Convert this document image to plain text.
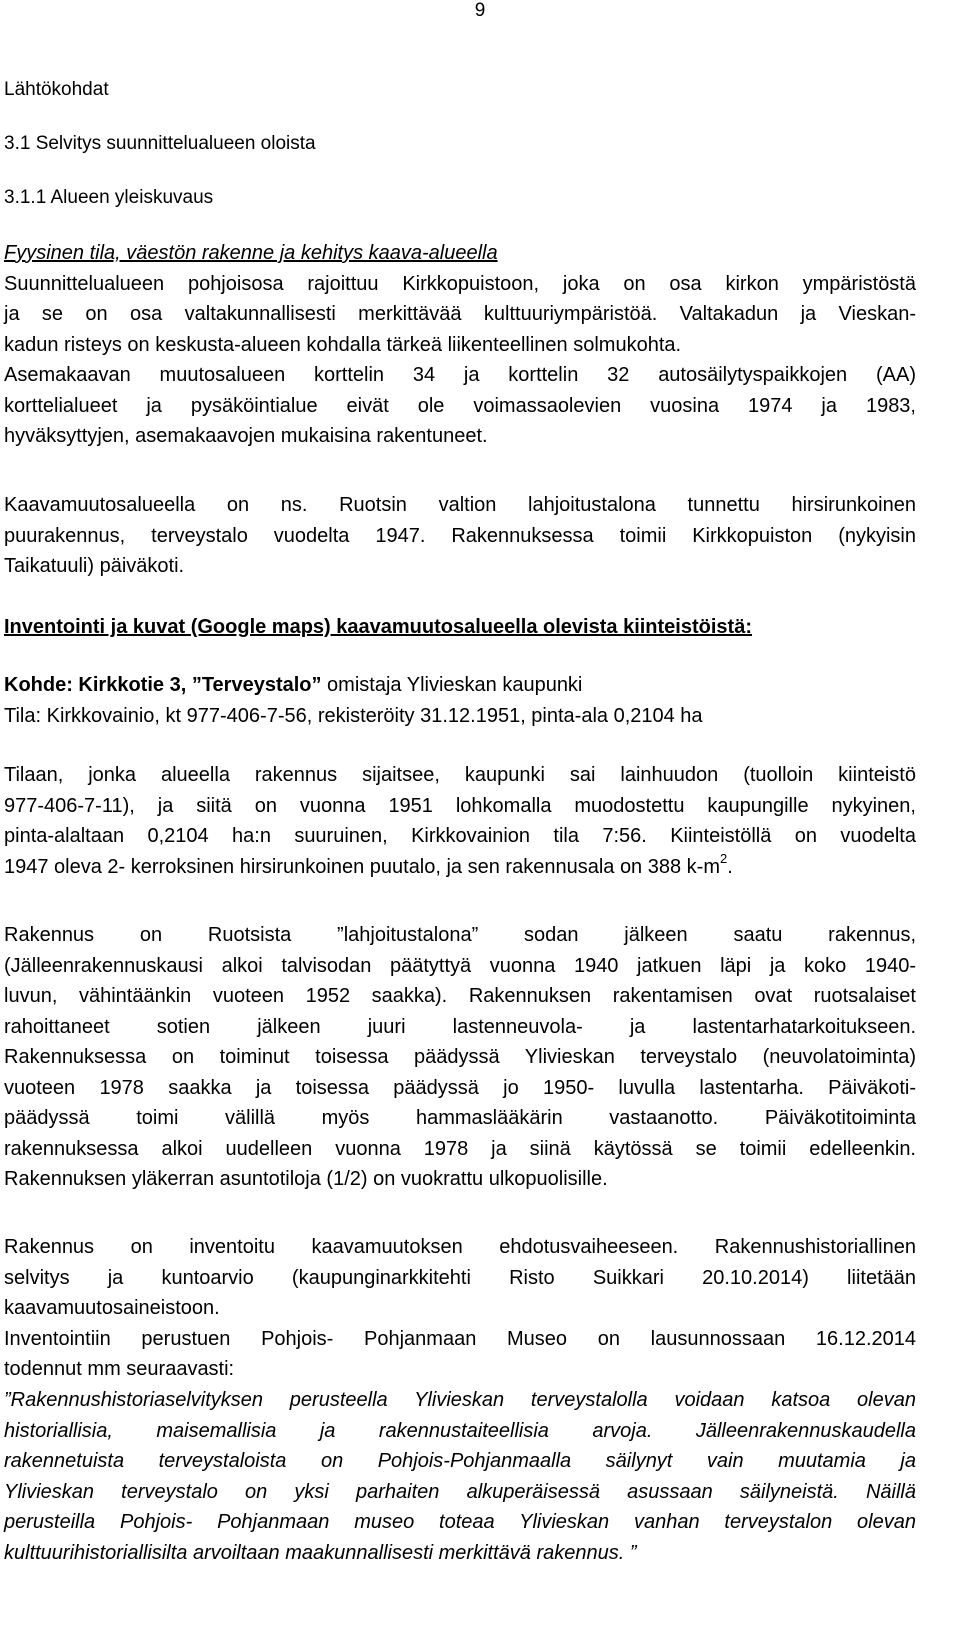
9
Lähtökohdat
3.1 Selvitys suunnittelualueen oloista
3.1.1 Alueen yleiskuvaus
Fyysinen tila, väestön rakenne ja kehitys kaava-alueella
Suunnittelualueen pohjoisosa rajoittuu Kirkkopuistoon, joka on osa kirkon ympäristöstä
ja se on osa valtakunnallisesti merkittävää kulttuuriympäristöä. Valtakadun ja Vieskan-
kadun risteys on keskusta-alueen kohdalla tärkeä liikenteellinen solmukohta.
Asemakaavan muutosalueen korttelin 34 ja korttelin 32 autosäilytyspaikkojen (AA)
korttelialueet ja pysäköintialue eivät ole voimassaolevien vuosina 1974 ja 1983,
hyväksyttyjen, asemakaavojen mukaisina rakentuneet.
Kaavamuutosalueella on ns. Ruotsin valtion lahjoitustalona tunnettu hirsirunkoinen
puurakennus, terveystalo vuodelta 1947. Rakennuksessa toimii Kirkkopuiston (nykyisin
Taikatuuli) päiväkoti.
Inventointi ja kuvat (Google maps) kaavamuutosalueella olevista kiinteistöistä:
Kohde: Kirkkotie 3, ”Terveystalo” omistaja Ylivieskan kaupunki
Tila: Kirkkovainio, kt 977-406-7-56, rekisteröity 31.12.1951, pinta-ala 0,2104 ha
Tilaan, jonka alueella rakennus sijaitsee, kaupunki sai lainhuudon (tuolloin kiinteistö
977-406-7-11), ja siitä on vuonna 1951 lohkomalla muodostettu kaupungille nykyinen,
pinta-alaltaan 0,2104 ha:n suuruinen, Kirkkovainion tila 7:56. Kiinteistöllä on vuodelta
1947 oleva 2- kerroksinen hirsirunkoinen puutalo, ja sen rakennusala on 388 $k-m^2$.
Rakennus on Ruotsista ”lahjoitustalona” sodan jälkeen saatu rakennus,
(Jälleenrakennuskausi alkoi talvisodan päätyttyä vuonna 1940 jatkuen läpi ja koko 1940-
luvun, vähintäänkin vuoteen 1952 saakka). Rakennuksen rakentamisen ovat ruotsalaiset
rahoittaneet sotien jälkeen juuri lastenneuvola- ja lastentarhatarkoitukseen.
Rakennuksessa on toiminut toisessa päädyssä Ylivieskan terveystalo (neuvolatoiminta)
vuoteen 1978 saakka ja toisessa päädyssä jo 1950- luvulla lastentarha. Päiväkoti-
päädyssä toimi välillä myös hammaslääkärin vastaanotto. Päiväkotitoiminta
rakennuksessa alkoi uudelleen vuonna 1978 ja siinä käytössä se toimii edelleenkin.
Rakennuksen yläkerran asuntotiloja (1/2) on vuokrattu ulkopuolisille.
Rakennus on inventoitu kaavamuutoksen ehdotusvaiheeseen. Rakennushistoriallinen
selvitys ja kuntoarvio (kaupunginarkkitehti Risto Suikkari 20.10.2014) liitetään
kaavamuutosaineistoon.
Inventointiin perustuen Pohjois- Pohjanmaan Museo on lausunnossaan 16.12.2014
todennut mm seuraavasti:
”Rakennushistoriaselvityksen perusteella Ylivieskan terveystalolla voidaan katsoa olevan
historiallisia, maisemallisia ja rakennustaiteellisia arvoja. Jälleenrakennuskaudella
rakennetuista terveystaloista on Pohjois-Pohjanmaalla säilynyt vain muutamia ja
Ylivieskan terveystalo on yksi parhaiten alkuperäisessä asussaan säilyneistä. Näillä
perusteilla Pohjois- Pohjanmaan museo toteaa Ylivieskan vanhan terveystalon olevan
kulttuurihistoriallisilta arvoiltaan maakunnallisesti merkittävä rakennus. ”
